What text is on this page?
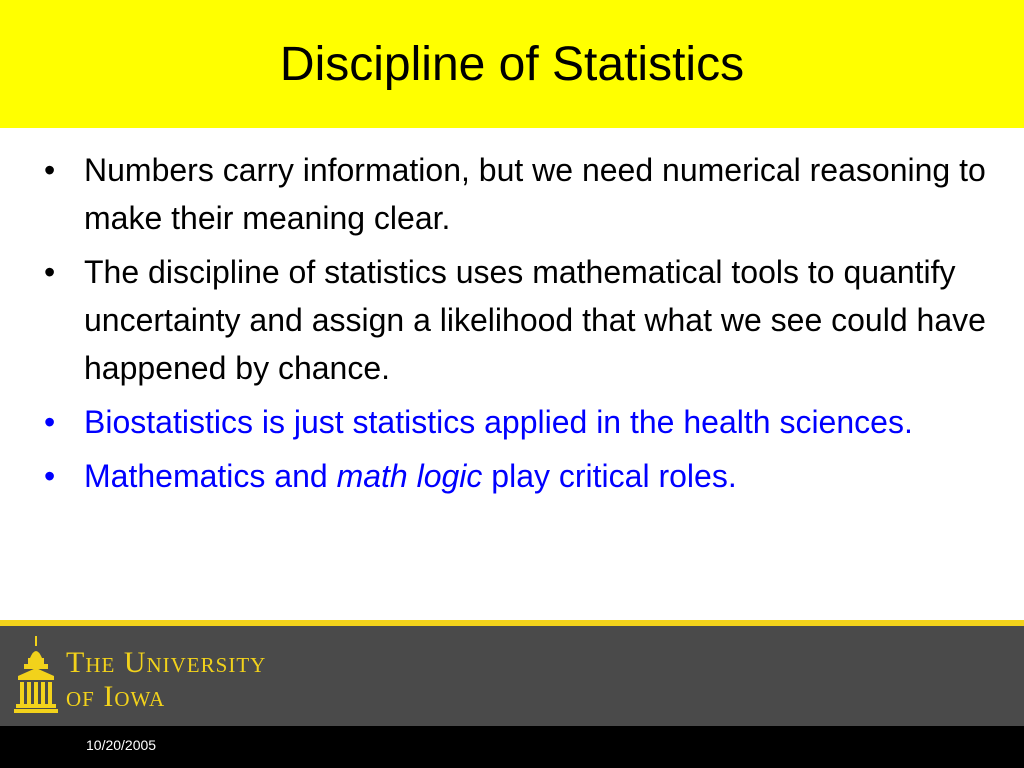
Discipline of Statistics
• Numbers carry information, but we need numerical reasoning to make their meaning clear.
• The discipline of statistics uses mathematical tools to quantify uncertainty and assign a likelihood that what we see could have happened by chance.
• Biostatistics is just statistics applied in the health sciences.
• Mathematics and math logic play critical roles.
The University
of Iowa
10/20/2005
